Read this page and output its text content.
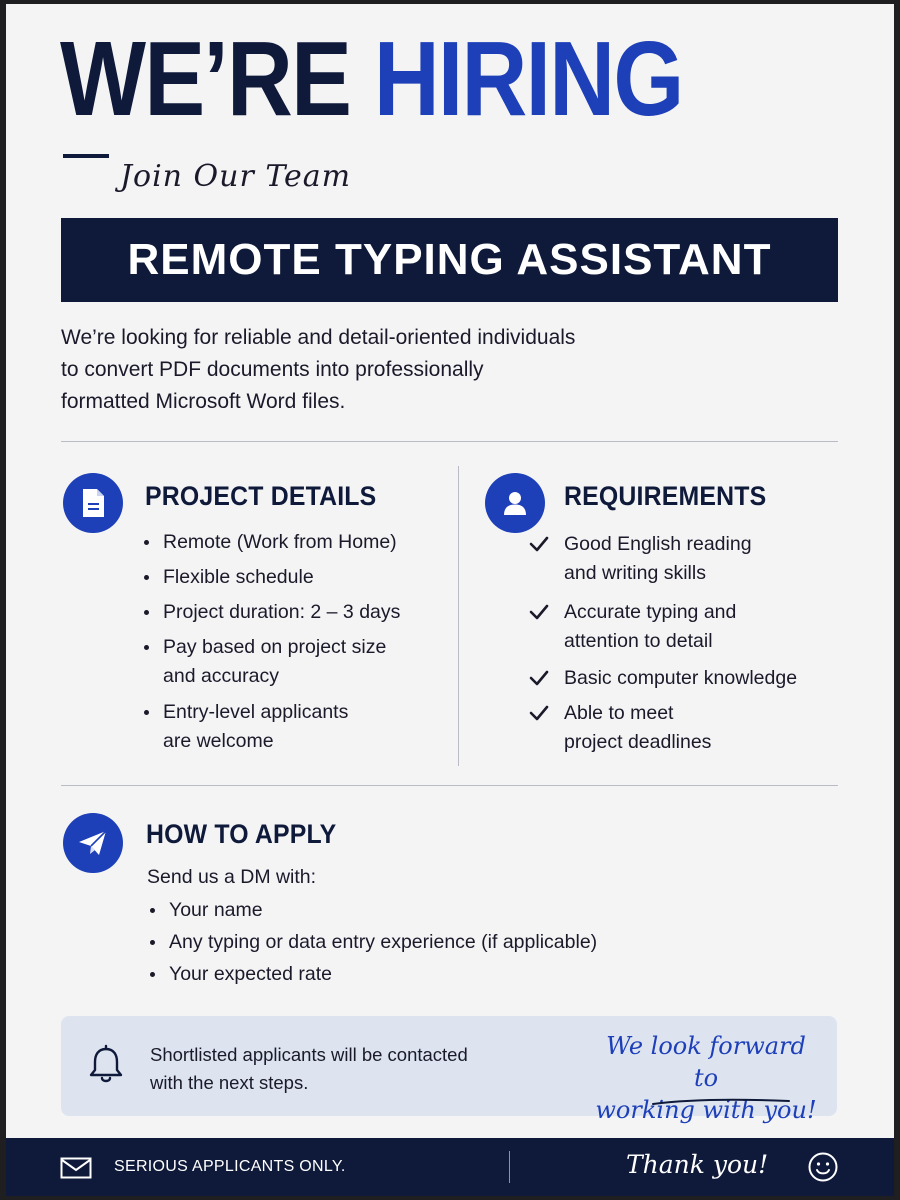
WE’RE HIRING
Join Our Team
REMOTE TYPING ASSISTANT
We’re looking for reliable and detail-oriented individuals
to convert PDF documents into professionally
formatted Microsoft Word files.
PROJECT DETAILS
Remote (Work from Home)
Flexible schedule
Project duration: 2 – 3 days
Pay based on project size
and accuracy
Entry-level applicants
are welcome
REQUIREMENTS
Good English reading
and writing skills
Accurate typing and
attention to detail
Basic computer knowledge
Able to meet
project deadlines
HOW TO APPLY
Send us a DM with:
Your name
Any typing or data entry experience (if applicable)
Your expected rate
Shortlisted applicants will be contacted
with the next steps.
We look forward to
working with you!
SERIOUS APPLICANTS ONLY.	Thank you!
